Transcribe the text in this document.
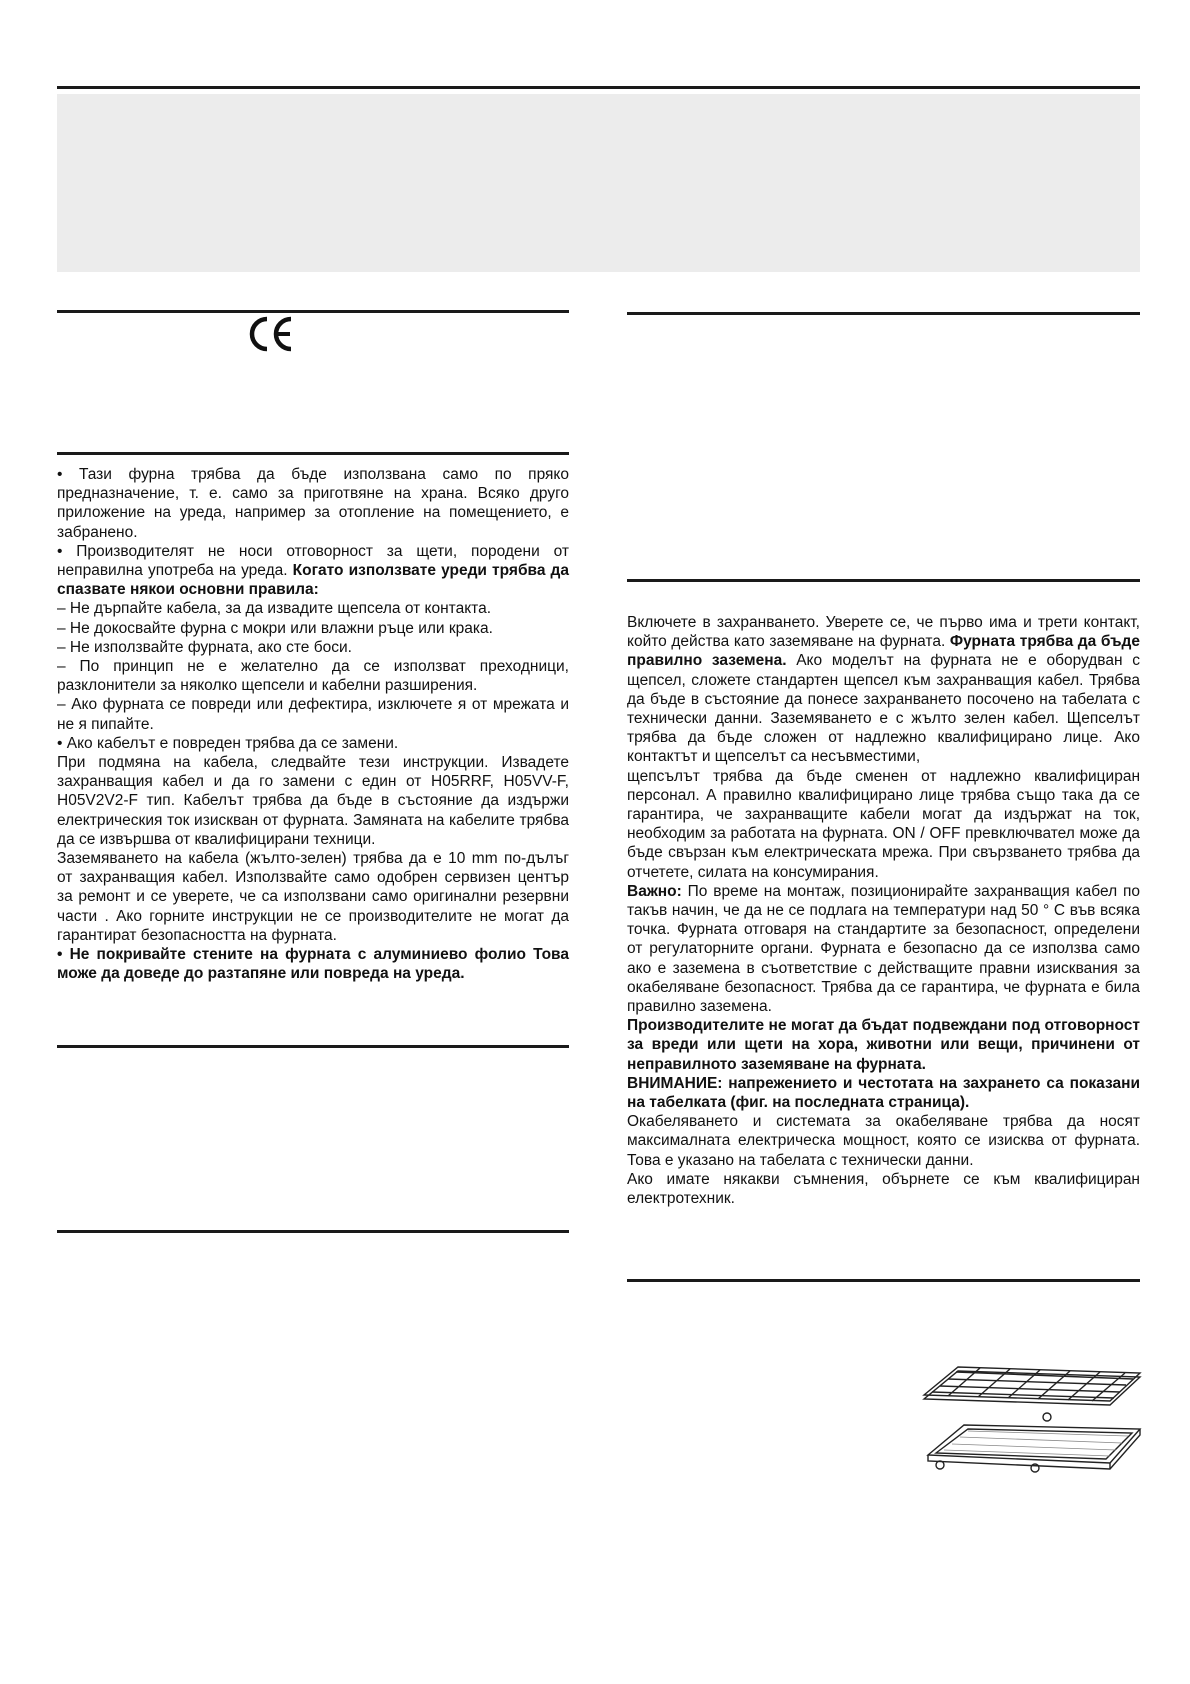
• Тази фурна трябва да бъде използвана само по пряко предназначение, т. е. само за приготвяне на храна. Всяко друго приложение на уреда, например за отопление на помещението, е забранено.

• Производителят не носи отговорност за щети, породени от неправилна употреба на уреда. Когато използвате уреди трябва да спазвате някои основни правила:

– Не дърпайте кабела, за да извадите щепсела от контакта.

– Не докосвайте фурна с мокри или влажни ръце или крака.

– Не използвайте фурната, ако сте боси.

– По принцип не е желателно да се използват преходници, разклонители за няколко щепсели и кабелни разширения.

– Ако фурната се повреди или дефектира, изключете я от мрежата и не я пипайте.

• Ако кабелът е повреден трябва да се замени.

При подмяна на кабела, следвайте тези инструкции. Извадете захранващия кабел и да го замени с един от H05RRF, H05VV-F, H05V2V2-F тип. Кабелът трябва да бъде в състояние да издържи електрическия ток изискван от фурната. Замяната на кабелите трябва да се извършва от квалифицирани техници.

Заземяването на кабела (жълто-зелен) трябва да е 10 mm по-дълъг от захранващия кабел. Използвайте само одобрен сервизен център за ремонт и се уверете, че са използвани само оригинални резервни части . Ако горните инструкции не се производителите не могат да гарантират безопасността на фурната.

• Не покривайте стените на фурната с алуминиево фолио Това може да доведе до разтапяне или повреда на уреда.

Включете в захранването. Уверете се, че първо има и трети контакт, който действа като заземяване на фурната. Фурната трябва да бъде правилно заземена. Ако моделът на фурната не е оборудван с щепсел, сложете стандартен щепсел към захранващия кабел. Трябва да бъде в състояние да понесе захранването посочено на табелата с технически данни. Заземяването е с жълто зелен кабел. Щепселът трябва да бъде сложен от надлежно квалифицирано лице. Ако контактът и щепселът са несъвместими,

щепсълът трябва да бъде сменен от надлежно квалифициран персонал. А правилно квалифицирано лице трябва също така да се гарантира, че захранващите кабели могат да издържат на ток, необходим за работата на фурната. ON / OFF превключвател може да бъде свързан към електрическата мрежа. При свързването трябва да отчетете, силата на консумирания.

Важно: По време на монтаж, позиционирайте захранващия кабел по такъв начин, че да не се подлага на температури над 50 ° С във всяка точка. Фурната отговаря на стандартите за безопасност, определени от регулаторните органи. Фурната е безопасно да се използва само ако е заземена в съответствие с действащите правни изисквания за окабеляване безопасност. Трябва да се гарантира, че фурната е била правилно заземена.

Производителите не могат да бъдат подвеждани под отговорност за вреди или щети на хора, животни или вещи, причинени от неправилното заземяване на фурната.

ВНИМАНИЕ: напрежението и честотата на захранeто са показани на табелката (фиг. на последната страница).

Окабеляването и системата за окабеляване трябва да носят максималната електрическа мощност, която се изисква от фурната. Това е указано на табелата с технически данни.

Ако имате някакви съмнения, обърнете се към квалифициран електротехник.
